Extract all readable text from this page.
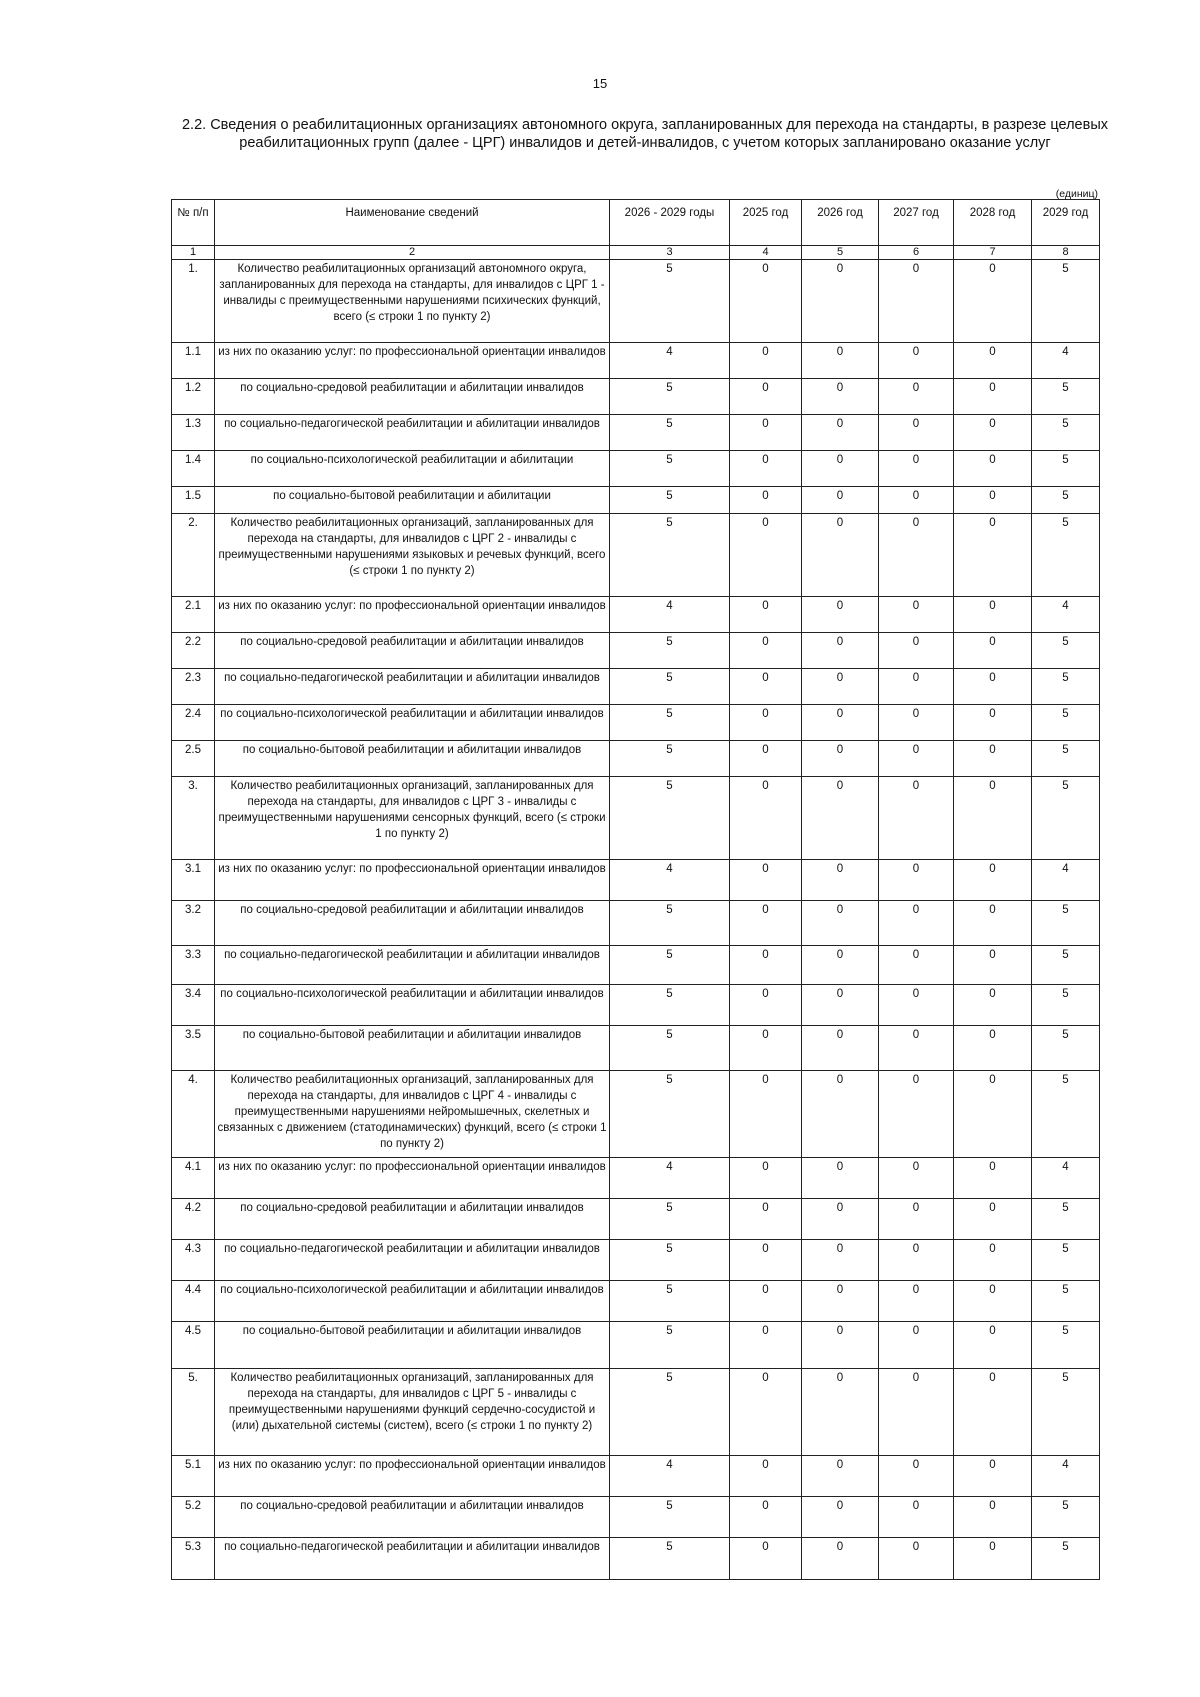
15
2.2. Сведения о реабилитационных организациях автономного округа, запланированных для перехода на стандарты, в разрезе целевых реабилитационных групп (далее - ЦРГ) инвалидов и детей-инвалидов, с учетом которых запланировано оказание услуг
(единиц)
№ п/п	Наименование сведений	2026 - 2029 годы	2025 год	2026 год	2027 год	2028 год	2029 год
1	2	3	4	5	6	7	8
1.	Количество реабилитационных организаций автономного округа, запланированных для перехода на стандарты, для инвалидов с ЦРГ 1 - инвалиды с преимущественными нарушениями психических функций, всего (≤ строки 1 по пункту 2)	5	0	0	0	0	5
1.1	из них по оказанию услуг: по профессиональной ориентации инвалидов	4	0	0	0	0	4
1.2	по социально-средовой реабилитации и абилитации инвалидов	5	0	0	0	0	5
1.3	по социально-педагогической реабилитации и абилитации инвалидов	5	0	0	0	0	5
1.4	по социально-психологической реабилитации и абилитации	5	0	0	0	0	5
1.5	по социально-бытовой реабилитации и абилитации	5	0	0	0	0	5
2.	Количество реабилитационных организаций, запланированных для перехода на стандарты, для инвалидов с ЦРГ 2 - инвалиды с преимущественными нарушениями языковых и речевых функций, всего (≤ строки 1 по пункту 2)	5	0	0	0	0	5
2.1	из них по оказанию услуг: по профессиональной ориентации инвалидов	4	0	0	0	0	4
2.2	по социально-средовой реабилитации и абилитации инвалидов	5	0	0	0	0	5
2.3	по социально-педагогической реабилитации и абилитации инвалидов	5	0	0	0	0	5
2.4	по социально-психологической реабилитации и абилитации инвалидов	5	0	0	0	0	5
2.5	по социально-бытовой реабилитации и абилитации инвалидов	5	0	0	0	0	5
3.	Количество реабилитационных организаций, запланированных для перехода на стандарты, для инвалидов с ЦРГ 3 - инвалиды с преимущественными нарушениями сенсорных функций, всего (≤ строки 1 по пункту 2)	5	0	0	0	0	5
3.1	из них по оказанию услуг: по профессиональной ориентации инвалидов	4	0	0	0	0	4
3.2	по социально-средовой реабилитации и абилитации инвалидов	5	0	0	0	0	5
3.3	по социально-педагогической реабилитации и абилитации инвалидов	5	0	0	0	0	5
3.4	по социально-психологической реабилитации и абилитации инвалидов	5	0	0	0	0	5
3.5	по социально-бытовой реабилитации и абилитации инвалидов	5	0	0	0	0	5
4.	Количество реабилитационных организаций, запланированных для перехода на стандарты, для инвалидов с ЦРГ 4 - инвалиды с преимущественными нарушениями нейромышечных, скелетных и связанных с движением (статодинамических) функций, всего (≤ строки 1 по пункту 2)	5	0	0	0	0	5
4.1	из них по оказанию услуг: по профессиональной ориентации инвалидов	4	0	0	0	0	4
4.2	по социально-средовой реабилитации и абилитации инвалидов	5	0	0	0	0	5
4.3	по социально-педагогической реабилитации и абилитации инвалидов	5	0	0	0	0	5
4.4	по социально-психологической реабилитации и абилитации инвалидов	5	0	0	0	0	5
4.5	по социально-бытовой реабилитации и абилитации инвалидов	5	0	0	0	0	5
5.	Количество реабилитационных организаций, запланированных для перехода на стандарты, для инвалидов с ЦРГ 5 - инвалиды с преимущественными нарушениями функций сердечно-сосудистой и (или) дыхательной системы (систем), всего (≤ строки 1 по пункту 2)	5	0	0	0	0	5
5.1	из них по оказанию услуг: по профессиональной ориентации инвалидов	4	0	0	0	0	4
5.2	по социально-средовой реабилитации и абилитации инвалидов	5	0	0	0	0	5
5.3	по социально-педагогической реабилитации и абилитации инвалидов	5	0	0	0	0	5
